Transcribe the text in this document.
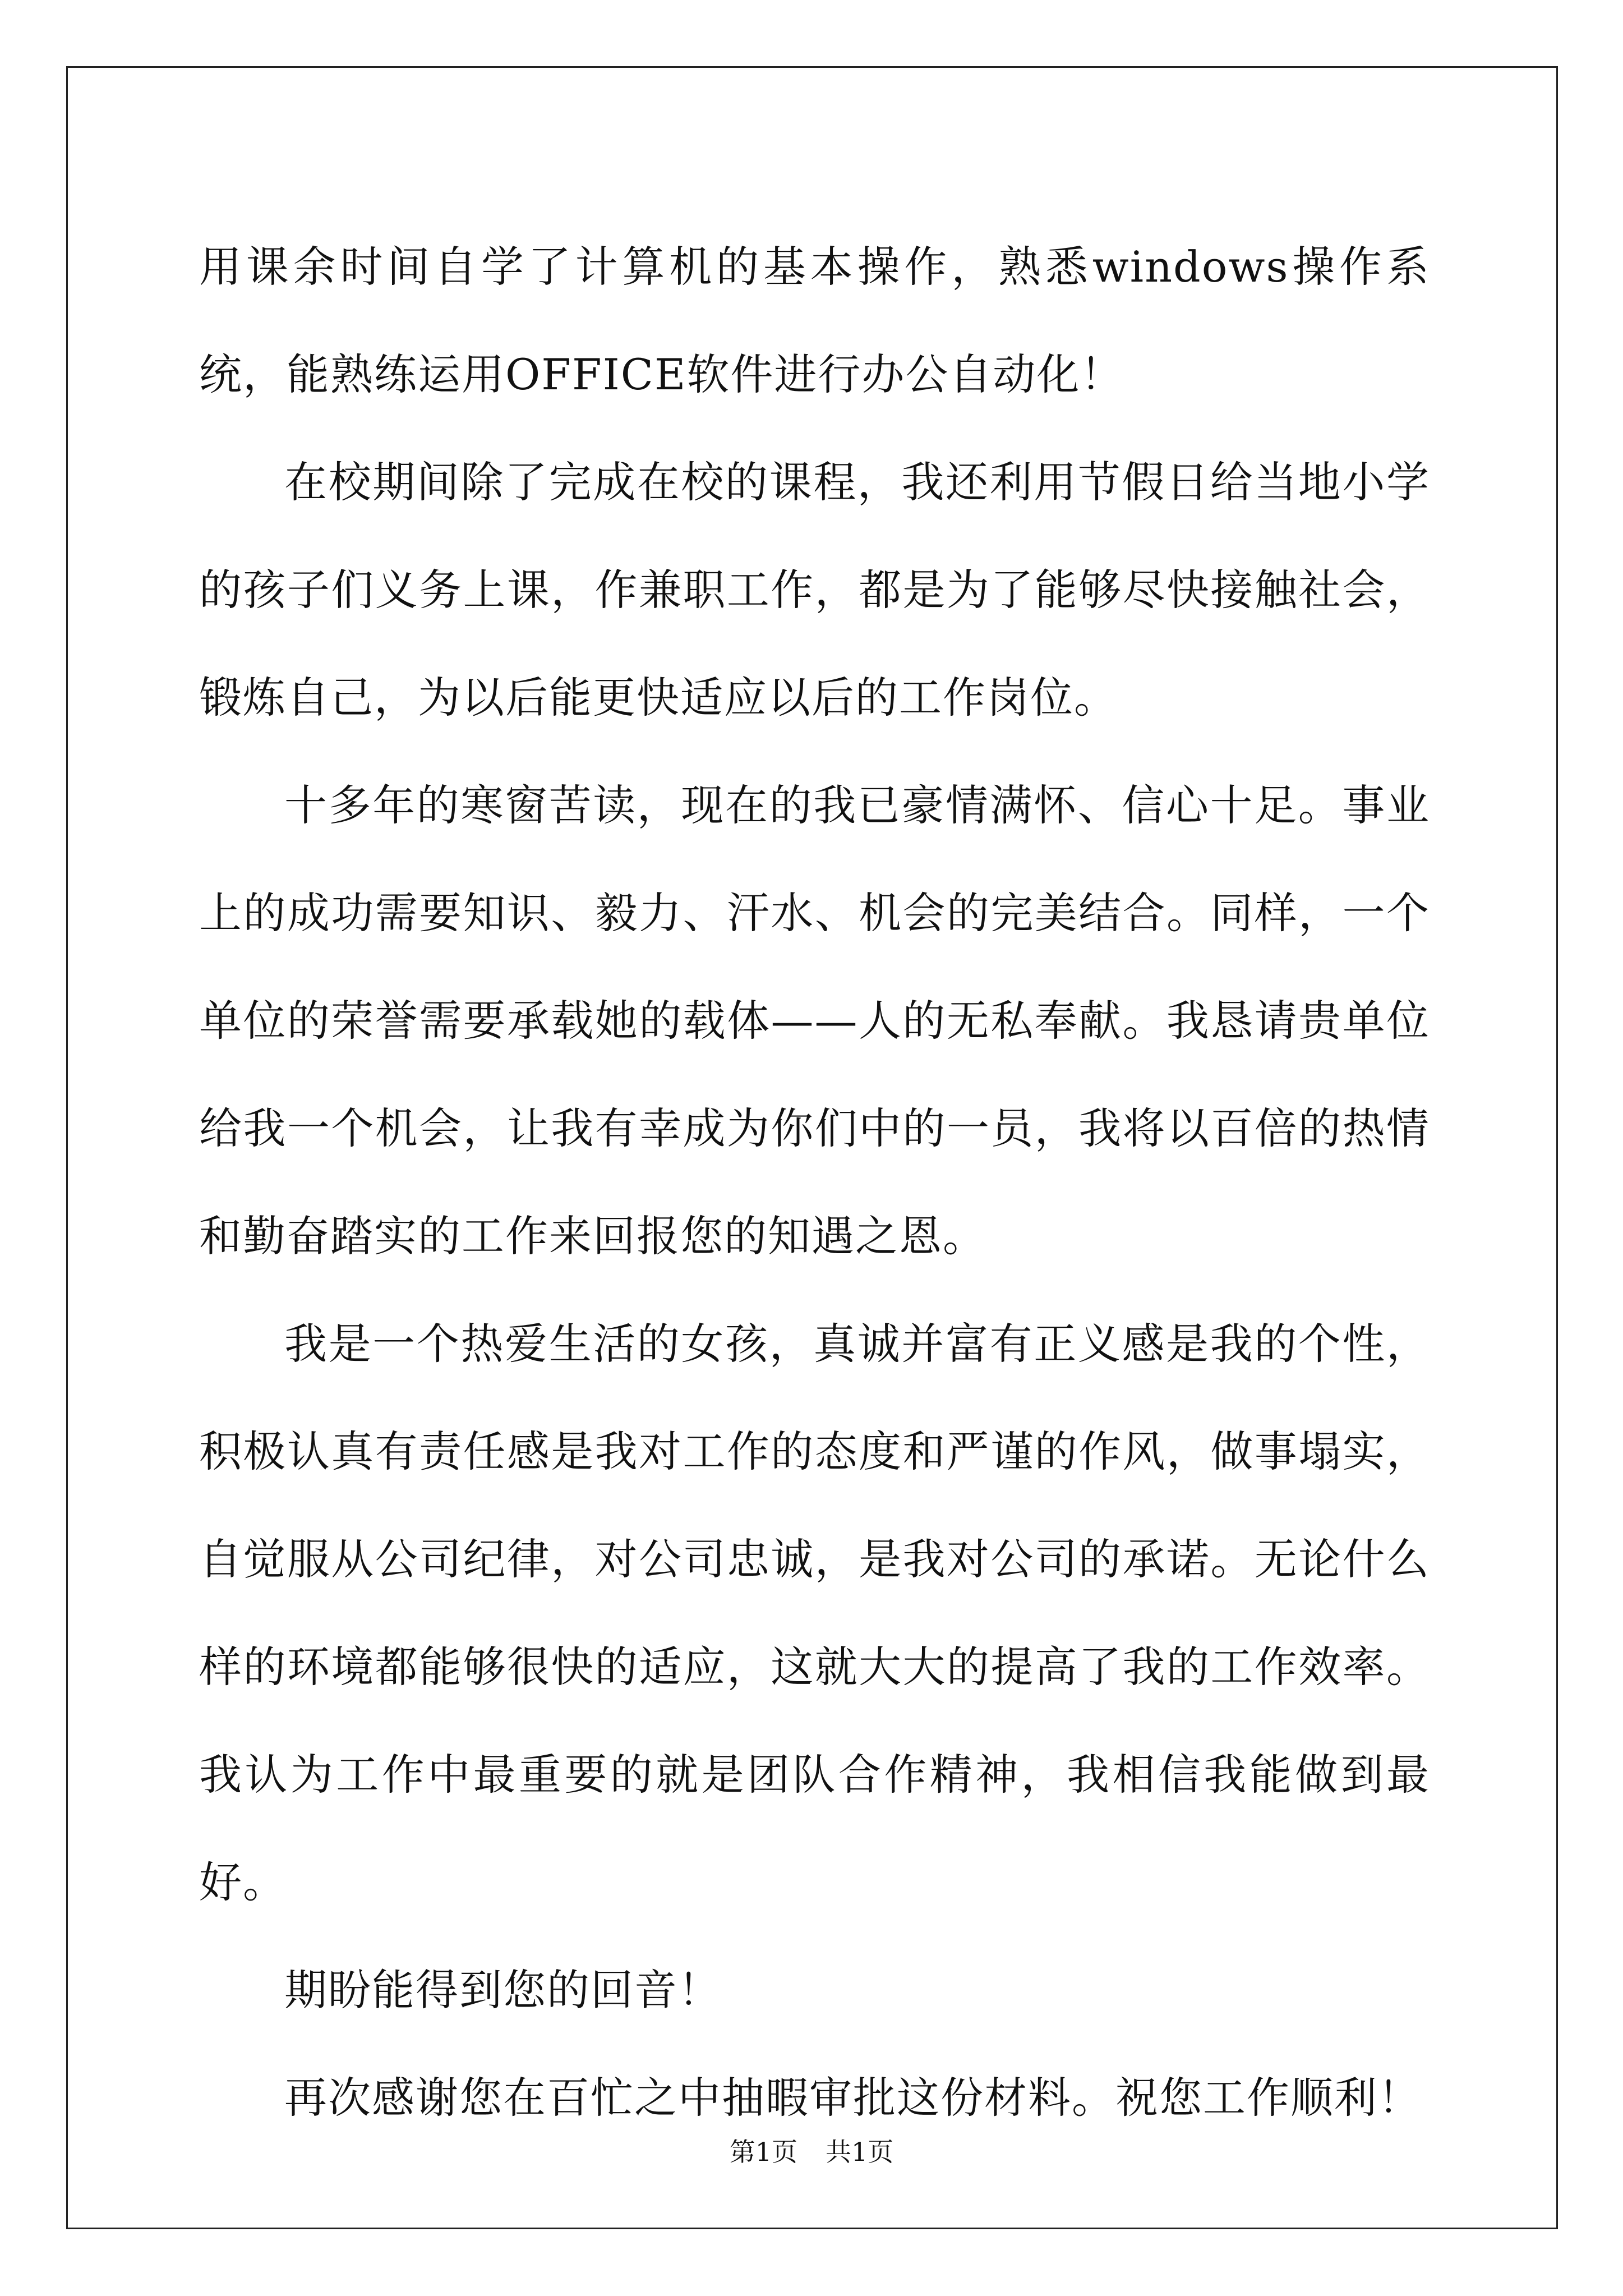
用课余时间自学了计算机的基本操作，熟悉windows操作系统，能熟练运用OFFICE软件进行办公自动化！

在校期间除了完成在校的课程，我还利用节假日给当地小学的孩子们义务上课，作兼职工作，都是为了能够尽快接触社会，锻炼自己，为以后能更快适应以后的工作岗位。

十多年的寒窗苦读，现在的我已豪情满怀、信心十足。事业上的成功需要知识、毅力、汗水、机会的完美结合。同样，一个单位的荣誉需要承载她的载体——人的无私奉献。我恳请贵单位给我一个机会，让我有幸成为你们中的一员，我将以百倍的热情和勤奋踏实的工作来回报您的知遇之恩。

我是一个热爱生活的女孩，真诚并富有正义感是我的个性，积极认真有责任感是我对工作的态度和严谨的作风，做事塌实，自觉服从公司纪律，对公司忠诚，是我对公司的承诺。无论什么样的环境都能够很快的适应，这就大大的提高了我的工作效率。我认为工作中最重要的就是团队合作精神，我相信我能做到最好。

期盼能得到您的回音！

再次感谢您在百忙之中抽暇审批这份材料。祝您工作顺利！

第1页 共1页
